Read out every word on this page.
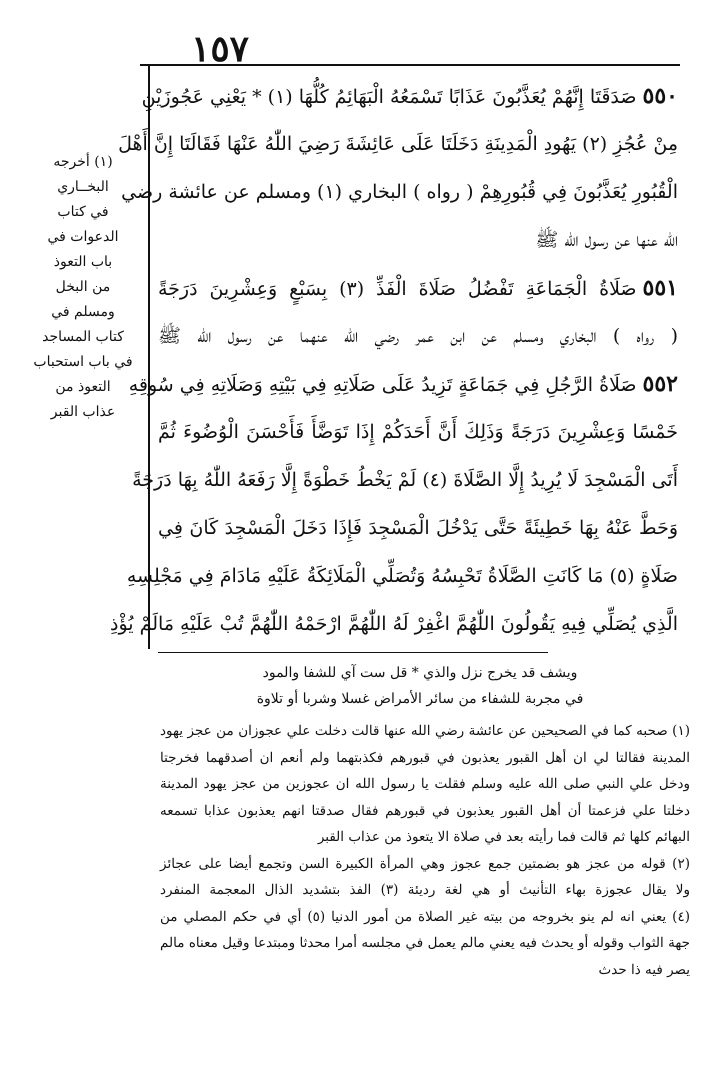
١٥٧
٥٥٠صَدَقَتَا إِنَّهُمْ يُعَذَّبُونَ عَذَابًا تَسْمَعُهُ الْبَهَائِمُ كُلُّهَا (١) * يَعْنِي عَجُوزَيْنِ
مِنْ عُجُزِ (٢) يَهُودِ الْمَدِينَةِ دَخَلَتَا عَلَى عَائِشَةَ رَضِيَ اللّٰهُ عَنْهَا فَقَالَتَا إِنَّ أَهْلَ
الْقُبُورِ يُعَذَّبُونَ فِي قُبُورِهِمْ ( رواه ) البخاري (١) ومسلم عن عائشة رضي
الله عنها عن رسول الله ﷺ
٥٥١صَلَاةُ الْجَمَاعَةِ تَفْضُلُ صَلَاةَ الْفَذِّ (٣) بِسَبْعٍ وَعِشْرِينَ دَرَجَةً
( رواه ) البخاري ومسلم عن ابن عمر رضي الله عنهما عن رسول الله ﷺ
٥٥٢صَلَاةُ الرَّجُلِ فِي جَمَاعَةٍ تَزِيدُ عَلَى صَلَاتِهِ فِي بَيْتِهِ وَصَلَاتِهِ فِي سُوقِهِ
خَمْسًا وَعِشْرِينَ دَرَجَةً وَذَلِكَ أَنَّ أَحَدَكُمْ إِذَا تَوَضَّأَ فَأَحْسَنَ الْوُضُوءَ ثُمَّ
أَتَى الْمَسْجِدَ لَا يُرِيدُ إِلَّا الصَّلَاةَ (٤) لَمْ يَخْطُ خَطْوَةً إِلَّا رَفَعَهُ اللّٰهُ بِهَا دَرَجَةً
وَحَطَّ عَنْهُ بِهَا خَطِيئَةً حَتَّى يَدْخُلَ الْمَسْجِدَ فَإِذَا دَخَلَ الْمَسْجِدَ كَانَ فِي
صَلَاةٍ (٥) مَا كَانَتِ الصَّلَاةُ تَحْبِسُهُ وَتُصَلِّي الْمَلَائِكَةُ عَلَيْهِ مَادَامَ فِي مَجْلِسِهِ
الَّذِي يُصَلِّي فِيهِ يَقُولُونَ اللّٰهُمَّ اغْفِرْ لَهُ اللّٰهُمَّ ارْحَمْهُ اللّٰهُمَّ تُبْ عَلَيْهِ مَالَمْ يُؤْذِ
(١) أخرجه
البخــاري
في كتاب
الدعوات في
باب التعوذ
من البخل
ومسلم في
كتاب المساجد
في باب استحباب
التعوذ من
عذاب القبر
ويشف قد يخرج نزل والذي * قل ست آي للشفا والمود
في مجربة للشفاء من سائر الأمراض غسلا وشربا أو تلاوة
(١) صحبه كما في الصحيحين عن عائشة رضي الله عنها قالت دخلت علي عجوزان من عجز يهود
المدينة فقالتا لي ان أهل القبور يعذبون في قبورهم فكذبتهما ولم أنعم ان أصدقهما فخرجتا
ودخل علي النبي صلى الله عليه وسلم فقلت يا رسول الله ان عجوزين من عجز يهود المدينة
دخلتا علي فزعمتا أن أهل القبور يعذبون في قبورهم فقال صدقتا انهم يعذبون عذابا تسمعه
البهائم كلها ثم قالت فما رأيته بعد في صلاة الا يتعوذ من عذاب القبر
(٢) قوله من عجز هو بضمتين جمع عجوز وهي المرأة الكبيرة السن وتجمع أيضا على عجائز
ولا يقال عجوزة بهاء التأنيث أو هي لغة رديئة (٣) الفذ بتشديد الذال المعجمة المنفرد
(٤) يعني انه لم ينو بخروجه من بيته غير الصلاة من أمور الدنيا (٥) أي في حكم المصلي من
جهة الثواب وقوله أو يحدث فيه يعني مالم يعمل في مجلسه أمرا محدثا ومبتدعا وقيل معناه مالم
يصر فيه ذا حدث
